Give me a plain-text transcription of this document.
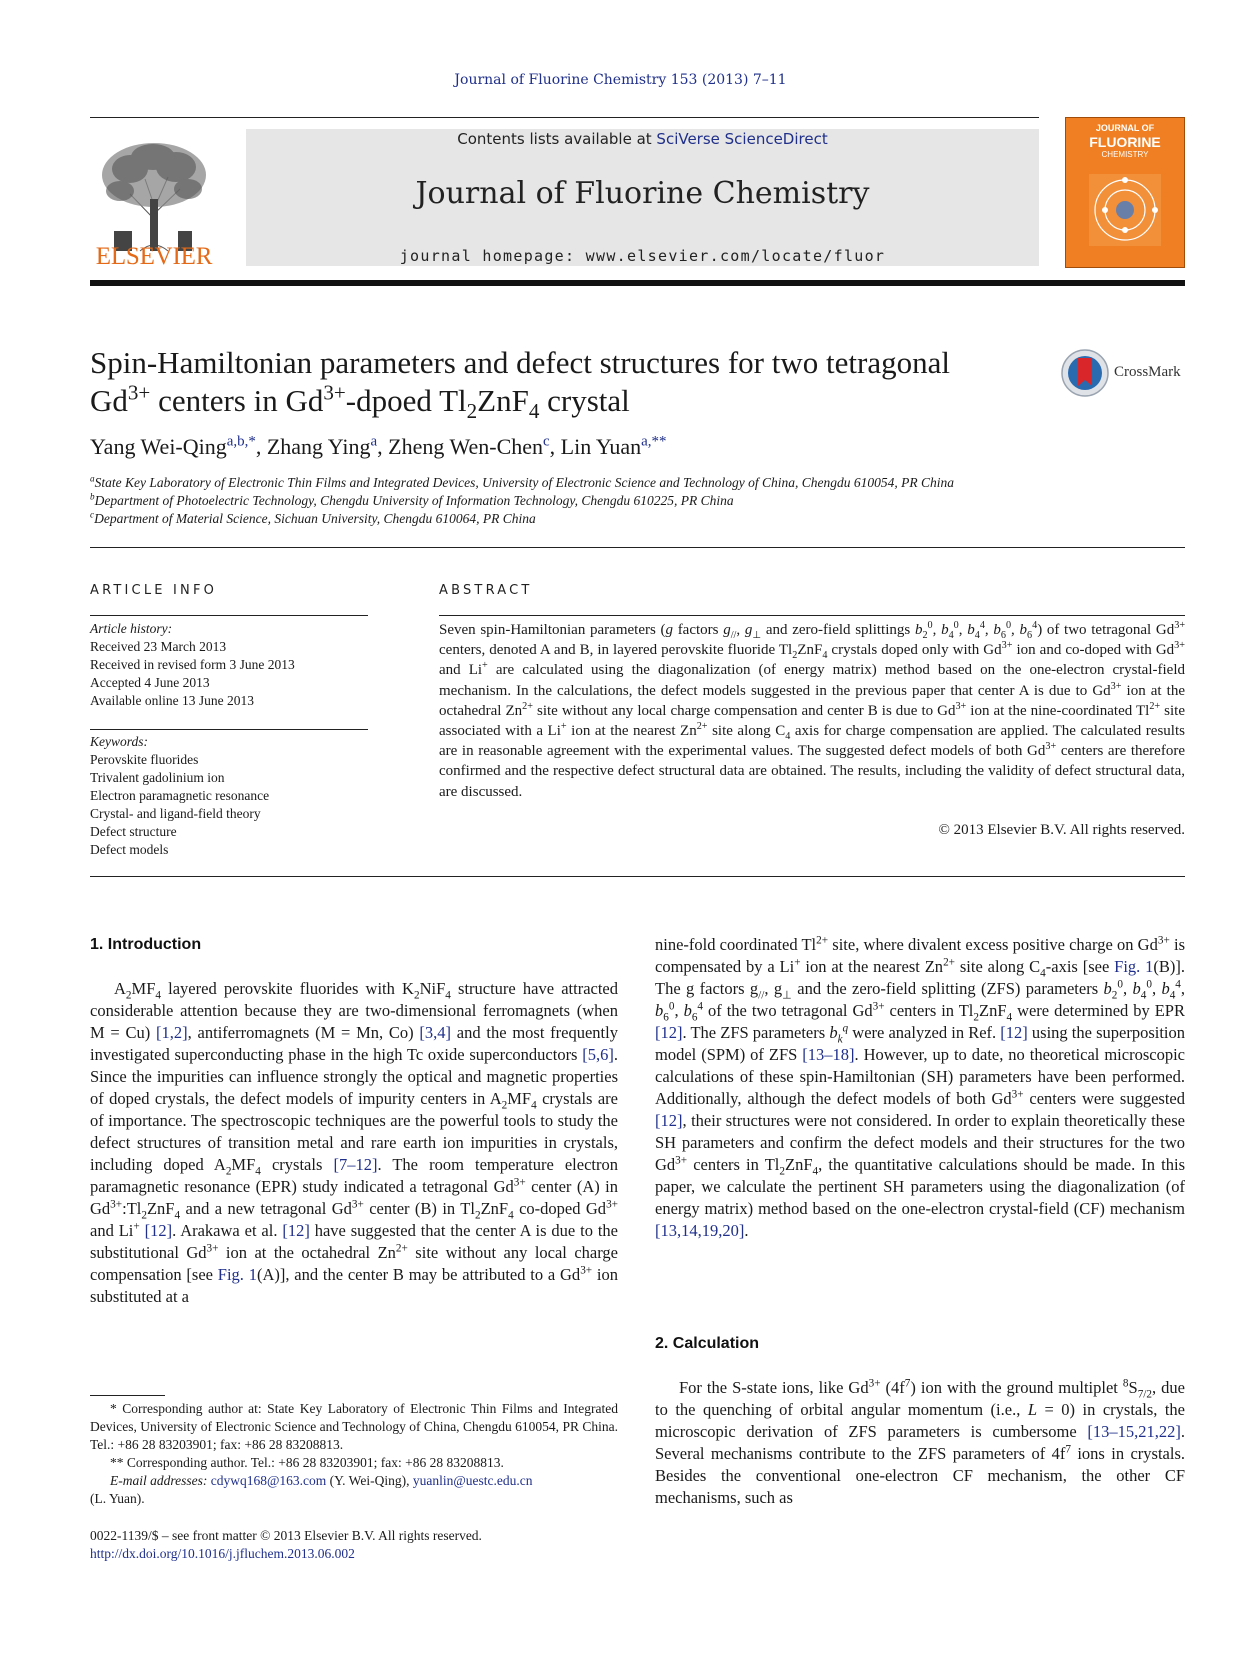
Journal of Fluorine Chemistry 153 (2013) 7–11
ELSEVIER
Contents lists available at SciVerse ScienceDirect
Journal of Fluorine Chemistry
journal homepage: www.elsevier.com/locate/fluor
JOURNAL OF
FLUORINE
CHEMISTRY
Spin-Hamiltonian parameters and defect structures for two tetragonal
$Gd^{3+}$ centers in $Gd^{3+}$-dpoed $Tl_2ZnF_4$ crystal
CrossMark
Yang Wei-Qing$^{a,b,*}$, Zhang Ying$^a$, Zheng Wen-Chen$^c$, Lin Yuan$^{a,**}$
$^a$State Key Laboratory of Electronic Thin Films and Integrated Devices, University of Electronic Science and Technology of China, Chengdu 610054, PR China
$^b$Department of Photoelectric Technology, Chengdu University of Information Technology, Chengdu 610225, PR China
$^c$Department of Material Science, Sichuan University, Chengdu 610064, PR China
ARTICLE INFO
Article history:
Received 23 March 2013
Received in revised form 3 June 2013
Accepted 4 June 2013
Available online 13 June 2013
Keywords:
Perovskite fluorides
Trivalent gadolinium ion
Electron paramagnetic resonance
Crystal- and ligand-field theory
Defect structure
Defect models
ABSTRACT
Seven spin-Hamiltonian parameters (g factors $g_{//}$, $g_\perp$ and zero-field splittings $b_2^0$, $b_4^0$, $b_4^4$, $b_6^0$, $b_6^4$) of two tetragonal $Gd^{3+}$ centers, denoted A and B, in layered perovskite fluoride $Tl_2ZnF_4$ crystals doped only with $Gd^{3+}$ ion and co-doped with $Gd^{3+}$ and Li+ are calculated using the diagonalization (of energy matrix) method based on the one-electron crystal-field mechanism. In the calculations, the defect models suggested in the previous paper that center A is due to $Gd^{3+}$ ion at the octahedral $Zn^{2+}$ site without any local charge compensation and center B is due to $Gd^{3+}$ ion at the nine-coordinated $Tl^{2+}$ site associated with a Li+ ion at the nearest $Zn^{2+}$ site along $C_4$ axis for charge compensation are applied. The calculated results are in reasonable agreement with the experimental values. The suggested defect models of both $Gd^{3+}$ centers are therefore confirmed and the respective defect structural data are obtained. The results, including the validity of defect structural data, are discussed.
© 2013 Elsevier B.V. All rights reserved.
1. Introduction
$A_2MF_4$ layered perovskite fluorides with $K_2NiF_4$ structure have attracted considerable attention because they are two-dimensional ferromagnets (when M = Cu) [1,2], antiferromagnets (M = Mn, Co) [3,4] and the most frequently investigated superconducting phase in the high Tc oxide superconductors [5,6]. Since the impurities can influence strongly the optical and magnetic properties of doped crystals, the defect models of impurity centers in $A_2MF_4$ crystals are of importance. The spectroscopic techniques are the powerful tools to study the defect structures of transition metal and rare earth ion impurities in crystals, including doped $A_2MF_4$ crystals [7–12]. The room temperature electron paramagnetic resonance (EPR) study indicated a tetragonal $Gd^{3+}$ center (A) in $Gd^{3+}:Tl_2ZnF_4$ and a new tetragonal $Gd^{3+}$ center (B) in $Tl_2ZnF_4$ co-doped $Gd^{3+}$ and Li+ [12]. Arakawa et al. [12] have suggested that the center A is due to the substitutional $Gd^{3+}$ ion at the octahedral $Zn^{2+}$ site without any local charge compensation [see Fig. 1(A)], and the center B may be attributed to a $Gd^{3+}$ ion substituted at a
nine-fold coordinated $Tl^{2+}$ site, where divalent excess positive charge on $Gd^{3+}$ is compensated by a Li+ ion at the nearest $Zn^{2+}$ site along $C_4$-axis [see Fig. 1(B)]. The g factors $g_{//}$, $g_\perp$ and the zero-field splitting (ZFS) parameters $b_2^0$, $b_4^0$, $b_4^4$, $b_6^0$, $b_6^4$ of the two tetragonal $Gd^{3+}$ centers in $Tl_2ZnF_4$ were determined by EPR [12]. The ZFS parameters $b_k^q$ were analyzed in Ref. [12] using the superposition model (SPM) of ZFS [13–18]. However, up to date, no theoretical microscopic calculations of these spin-Hamiltonian (SH) parameters have been performed. Additionally, although the defect models of both $Gd^{3+}$ centers were suggested [12], their structures were not considered. In order to explain theoretically these SH parameters and confirm the defect models and their structures for the two $Gd^{3+}$ centers in $Tl_2ZnF_4$, the quantitative calculations should be made. In this paper, we calculate the pertinent SH parameters using the diagonalization (of energy matrix) method based on the one-electron crystal-field (CF) mechanism [13,14,19,20].
2. Calculation
For the S-state ions, like $Gd^{3+}$ $(4f^7)$ ion with the ground multiplet $^8S_{7/2}$, due to the quenching of orbital angular momentum (i.e., L = 0) in crystals, the microscopic derivation of ZFS parameters is cumbersome [13–15,21,22]. Several mechanisms contribute to the ZFS parameters of $4f^7$ ions in crystals. Besides the conventional one-electron CF mechanism, the other CF mechanisms, such as
* Corresponding author at: State Key Laboratory of Electronic Thin Films and Integrated Devices, University of Electronic Science and Technology of China, Chengdu 610054, PR China. Tel.: +86 28 83203901; fax: +86 28 83208813.
** Corresponding author. Tel.: +86 28 83203901; fax: +86 28 83208813.
E-mail addresses: cdywq168@163.com (Y. Wei-Qing), yuanlin@uestc.edu.cn
(L. Yuan).
0022-1139/$ – see front matter © 2013 Elsevier B.V. All rights reserved.
http://dx.doi.org/10.1016/j.jfluchem.2013.06.002
